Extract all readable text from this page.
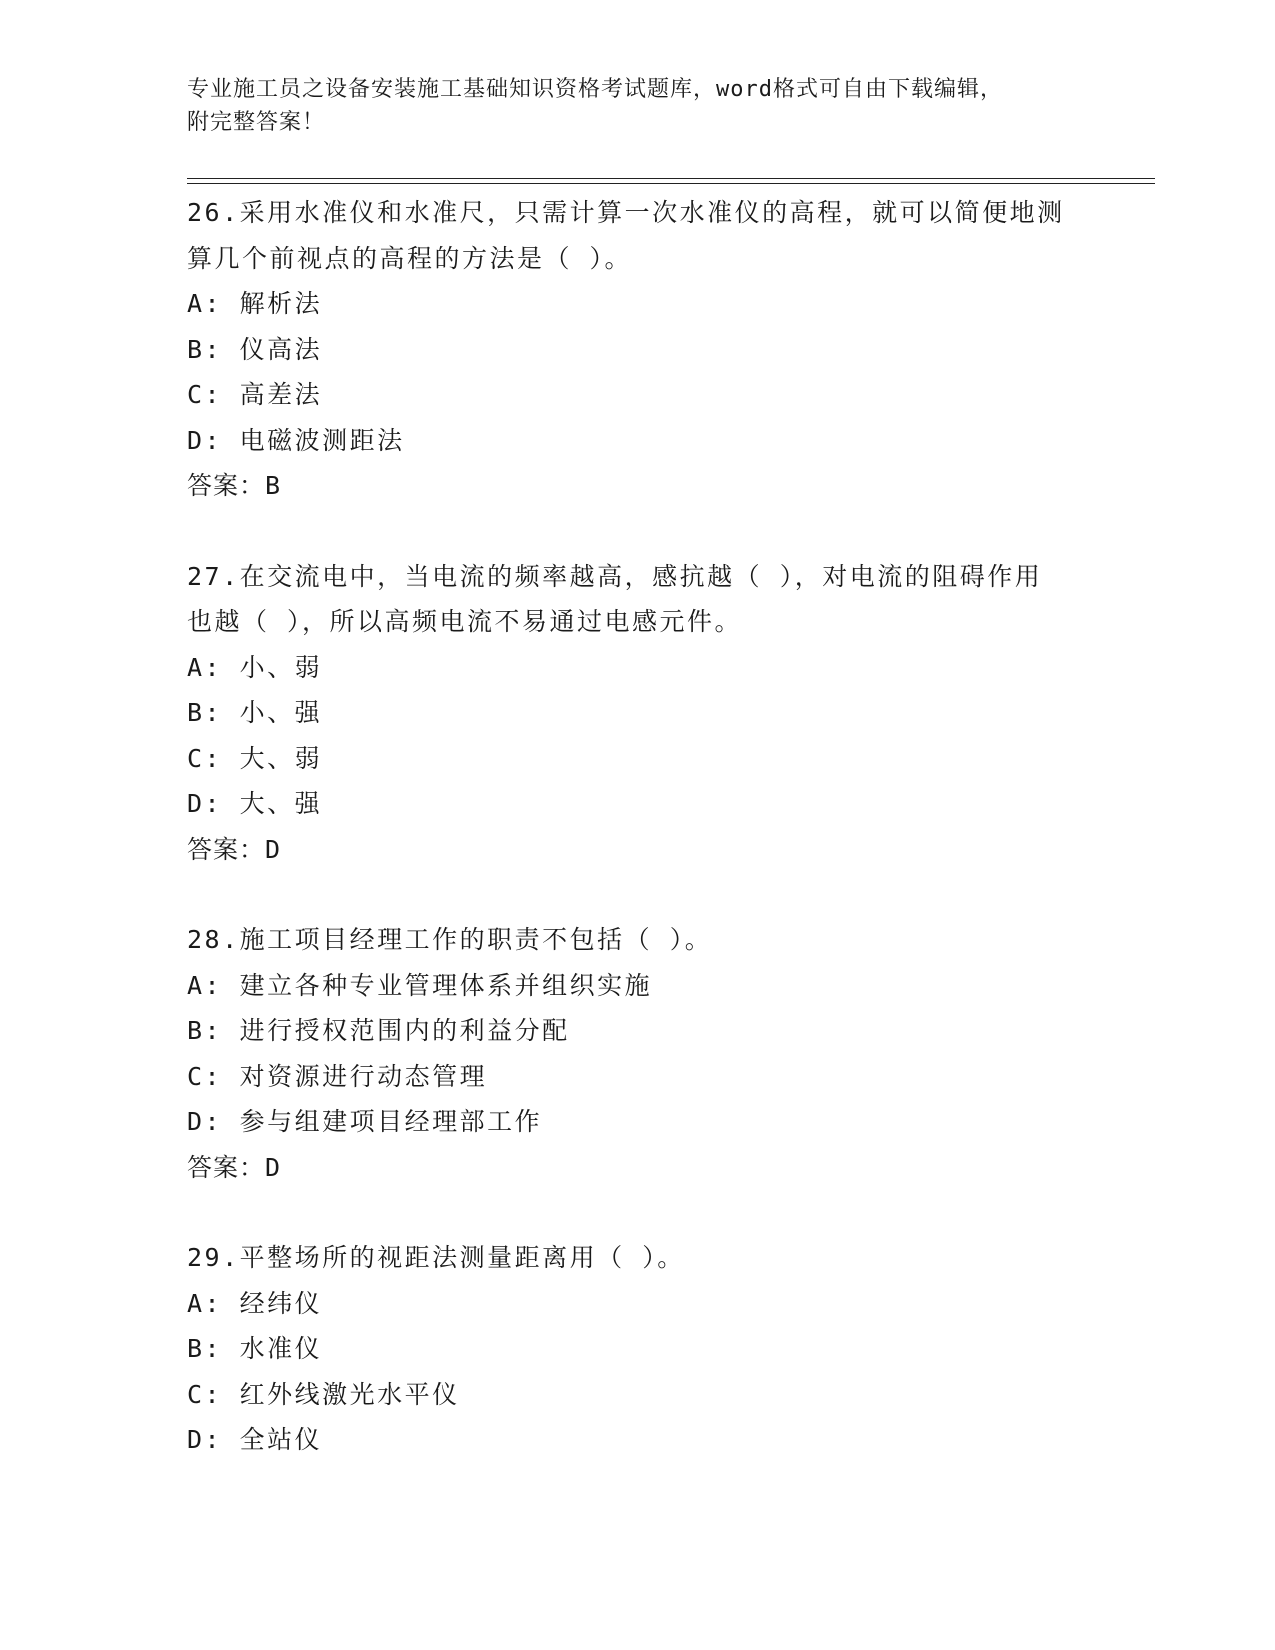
专业施工员之设备安装施工基础知识资格考试题库，word格式可自由下载编辑，
附完整答案！
26.采用水准仪和水准尺，只需计算一次水准仪的高程，就可以简便地测算几个前视点的高程的方法是（ ）。
A: 解析法
B: 仪高法
C: 高差法
D: 电磁波测距法
答案：B
27.在交流电中，当电流的频率越高，感抗越（ ），对电流的阻碍作用也越（ ），所以高频电流不易通过电感元件。
A: 小、弱
B: 小、强
C: 大、弱
D: 大、强
答案：D
28.施工项目经理工作的职责不包括（ ）。
A: 建立各种专业管理体系并组织实施
B: 进行授权范围内的利益分配
C: 对资源进行动态管理
D: 参与组建项目经理部工作
答案：D
29.平整场所的视距法测量距离用（ ）。
A: 经纬仪
B: 水准仪
C: 红外线激光水平仪
D: 全站仪
